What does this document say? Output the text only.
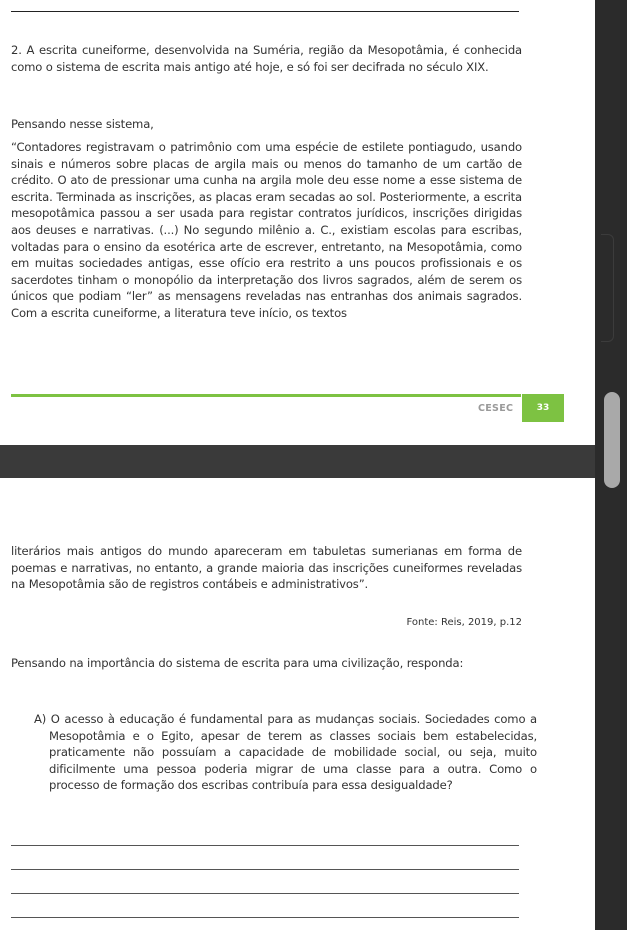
2. A escrita cuneiforme, desenvolvida na Suméria, região da Mesopotâmia, é conhecida como o sistema de escrita mais antigo até hoje, e só foi ser decifrada no século XIX.

Pensando nesse sistema,

“Contadores registravam o patrimônio com uma espécie de estilete pontiagudo, usando sinais e números sobre placas de argila mais ou menos do tamanho de um cartão de crédito. O ato de pressionar uma cunha na argila mole deu esse nome a esse sistema de escrita. Terminada as inscrições, as placas eram secadas ao sol. Posteriormente, a escrita mesopotâmica passou a ser usada para registar contratos jurídicos, inscrições dirigidas aos deuses e narrativas. (...) No segundo milênio a. C., existiam escolas para escribas, voltadas para o ensino da esotérica arte de escrever, entretanto, na Mesopotâmia, como em muitas sociedades antigas, esse ofício era restrito a uns poucos profissionais e os sacerdotes tinham o monopólio da interpretação dos livros sagrados, além de serem os únicos que podiam “ler” as mensagens reveladas nas entranhas dos animais sagrados. Com a escrita cuneiforme, a literatura teve início, os textos

CESEC	33

literários mais antigos do mundo apareceram em tabuletas sumerianas em forma de poemas e narrativas, no entanto, a grande maioria das inscrições cuneiformes reveladas na Mesopotâmia são de registros contábeis e administrativos”.

Fonte: Reis, 2019, p.12

Pensando na importância do sistema de escrita para uma civilização, responda:

A) O acesso à educação é fundamental para as mudanças sociais. Sociedades como a Mesopotâmia e o Egito, apesar de terem as classes sociais bem estabelecidas, praticamente não possuíam a capacidade de mobilidade social, ou seja, muito dificilmente uma pessoa poderia migrar de uma classe para a outra. Como o processo de formação dos escribas contribuía para essa desigualdade?
